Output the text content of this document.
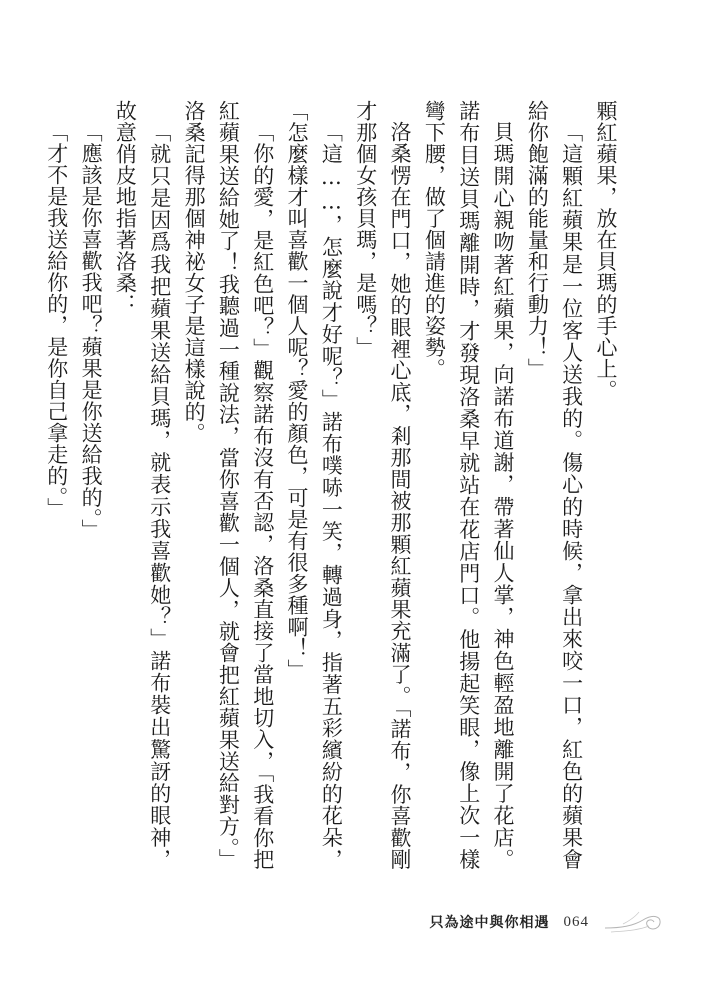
顆紅蘋果，放在貝瑪的手心上。

「這顆紅蘋果是一位客人送我的。傷心的時候，拿出來咬一口，紅色的蘋果會給你飽滿的能量和行動力！」

貝瑪開心親吻著紅蘋果，向諾布道謝，帶著仙人掌，神色輕盈地離開了花店。諾布目送貝瑪離開時，才發現洛桑早就站在花店門口。他揚起笑眼，像上次一樣彎下腰，做了個請進的姿勢。

洛桑愣在門口，她的眼裡心底，剎那間被那顆紅蘋果充滿了。「諾布，你喜歡剛才那個女孩貝瑪，是嗎？」

「這……，怎麼說才好呢？」諾布噗哧一笑，轉過身，指著五彩繽紛的花朵，「怎麼樣才叫喜歡一個人呢？愛的顏色，可是有很多種啊！」

「你的愛，是紅色吧？」觀察諾布沒有否認，洛桑直接了當地切入，「我看你把紅蘋果送給她了！我聽過一種說法，當你喜歡一個人，就會把紅蘋果送給對方。」洛桑記得那個神祕女子是這樣說的。

「就只是因爲我把蘋果送給貝瑪，就表示我喜歡她？」諾布裝出驚訝的眼神，故意俏皮地指著洛桑：

「應該是你喜歡我吧？蘋果是你送給我的。」

「才不是我送給你的，是你自己拿走的。」

只為途中與你相遇 064
